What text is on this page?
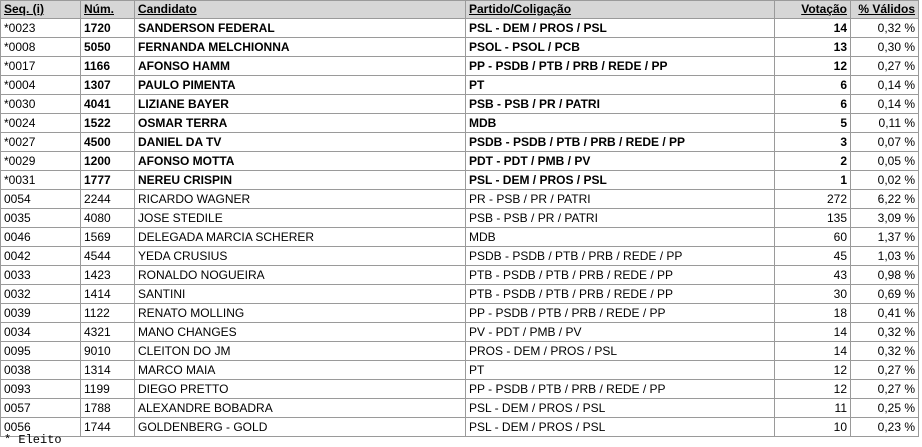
Seq. (i)	Núm.	Candidato	Partido/Coligação	Votação	% Válidos
*0023	1720	SANDERSON FEDERAL	PSL - DEM / PROS / PSL	14	0,32 %
*0008	5050	FERNANDA MELCHIONNA	PSOL - PSOL / PCB	13	0,30 %
*0017	1166	AFONSO HAMM	PP - PSDB / PTB / PRB / REDE / PP	12	0,27 %
*0004	1307	PAULO PIMENTA	PT	6	0,14 %
*0030	4041	LIZIANE BAYER	PSB - PSB / PR / PATRI	6	0,14 %
*0024	1522	OSMAR TERRA	MDB	5	0,11 %
*0027	4500	DANIEL DA TV	PSDB - PSDB / PTB / PRB / REDE / PP	3	0,07 %
*0029	1200	AFONSO MOTTA	PDT - PDT / PMB / PV	2	0,05 %
*0031	1777	NEREU CRISPIN	PSL - DEM / PROS / PSL	1	0,02 %
0054	2244	RICARDO WAGNER	PR - PSB / PR / PATRI	272	6,22 %
0035	4080	JOSE STEDILE	PSB - PSB / PR / PATRI	135	3,09 %
0046	1569	DELEGADA MARCIA SCHERER	MDB	60	1,37 %
0042	4544	YEDA CRUSIUS	PSDB - PSDB / PTB / PRB / REDE / PP	45	1,03 %
0033	1423	RONALDO NOGUEIRA	PTB - PSDB / PTB / PRB / REDE / PP	43	0,98 %
0032	1414	SANTINI	PTB - PSDB / PTB / PRB / REDE / PP	30	0,69 %
0039	1122	RENATO MOLLING	PP - PSDB / PTB / PRB / REDE / PP	18	0,41 %
0034	4321	MANO CHANGES	PV - PDT / PMB / PV	14	0,32 %
0095	9010	CLEITON DO JM	PROS - DEM / PROS / PSL	14	0,32 %
0038	1314	MARCO MAIA	PT	12	0,27 %
0093	1199	DIEGO PRETTO	PP - PSDB / PTB / PRB / REDE / PP	12	0,27 %
0057	1788	ALEXANDRE BOBADRA	PSL - DEM / PROS / PSL	11	0,25 %
0056	1744	GOLDENBERG - GOLD	PSL - DEM / PROS / PSL	10	0,23 %
* Eleito
